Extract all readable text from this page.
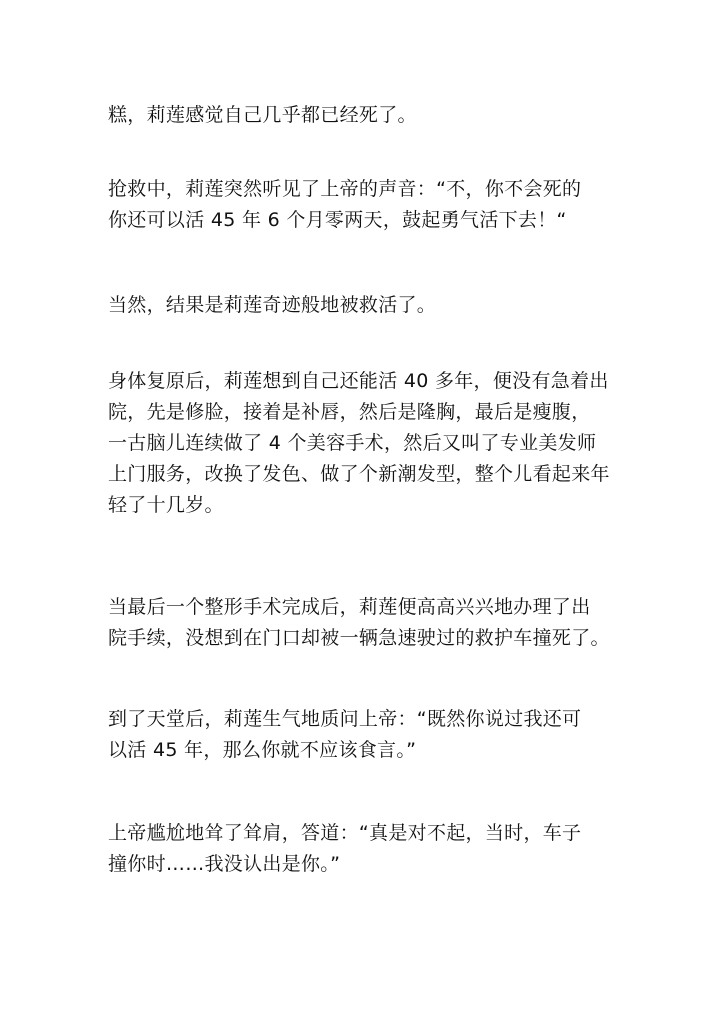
糕，莉莲感觉自己几乎都已经死了。
抢救中，莉莲突然听见了上帝的声音：“不，你不会死的
你还可以活 45 年 6 个月零两天，鼓起勇气活下去！“
当然，结果是莉莲奇迹般地被救活了。
身体复原后，莉莲想到自己还能活 40 多年，便没有急着出
院，先是修脸，接着是补唇，然后是隆胸，最后是瘦腹，
一古脑儿连续做了 4 个美容手术，然后又叫了专业美发师
上门服务，改换了发色、做了个新潮发型，整个儿看起来年
轻了十几岁。
当最后一个整形手术完成后，莉莲便高高兴兴地办理了出
院手续，没想到在门口却被一辆急速驶过的救护车撞死了。
到了天堂后，莉莲生气地质问上帝：“既然你说过我还可
以活 45 年，那么你就不应该食言。”
上帝尴尬地耸了耸肩，答道：“真是对不起，当时，车子
撞你时……我没认出是你。”
